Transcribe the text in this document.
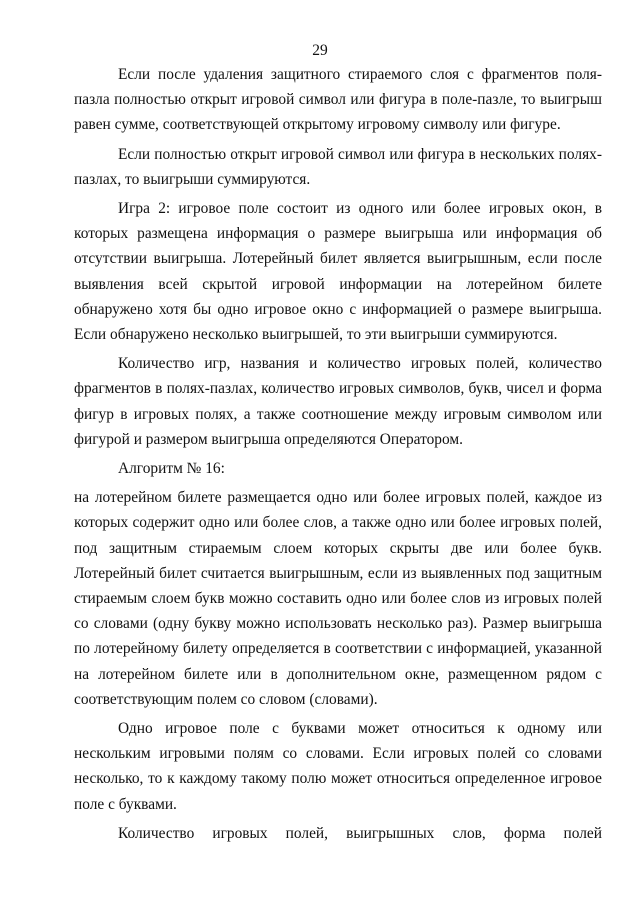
29

Если после удаления защитного стираемого слоя с фрагментов поля-пазла полностью открыт игровой символ или фигура в поле-пазле, то выигрыш равен сумме, соответствующей открытому игровому символу или фигуре.

Если полностью открыт игровой символ или фигура в нескольких полях-пазлах, то выигрыши суммируются.

Игра 2: игровое поле состоит из одного или более игровых окон, в которых размещена информация о размере выигрыша или информация об отсутствии выигрыша. Лотерейный билет является выигрышным, если после выявления всей скрытой игровой информации на лотерейном билете обнаружено хотя бы одно игровое окно с информацией о размере выигрыша. Если обнаружено несколько выигрышей, то эти выигрыши суммируются.

Количество игр, названия и количество игровых полей, количество фрагментов в полях-пазлах, количество игровых символов, букв, чисел и форма фигур в игровых полях, а также соотношение между игровым символом или фигурой и размером выигрыша определяются Оператором.

Алгоритм № 16:

на лотерейном билете размещается одно или более игровых полей, каждое из которых содержит одно или более слов, а также одно или более игровых полей, под защитным стираемым слоем которых скрыты две или более букв. Лотерейный билет считается выигрышным, если из выявленных под защитным стираемым слоем букв можно составить одно или более слов из игровых полей со словами (одну букву можно использовать несколько раз). Размер выигрыша по лотерейному билету определяется в соответствии с информацией, указанной на лотерейном билете или в дополнительном окне, размещенном рядом с соответствующим полем со словом (словами).

Одно игровое поле с буквами может относиться к одному или нескольким игровыми полям со словами. Если игровых полей со словами несколько, то к каждому такому полю может относиться определенное игровое поле с буквами.

Количество игровых полей, выигрышных слов, форма полей
